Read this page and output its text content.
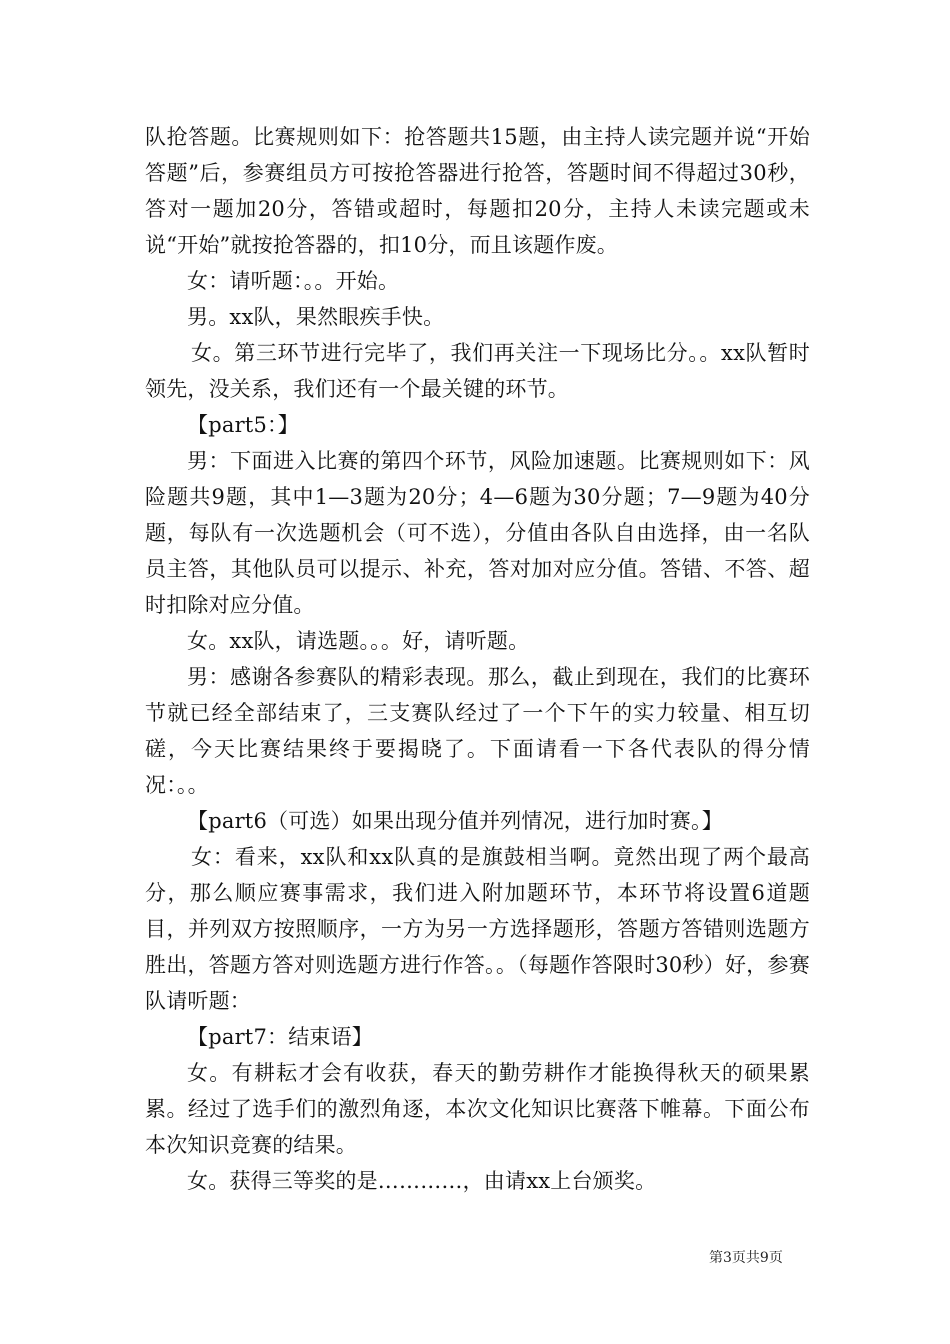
队抢答题。比赛规则如下：抢答题共15题，由主持人读完题并说“开始答题”后，参赛组员方可按抢答器进行抢答，答题时间不得超过30秒，答对一题加20分，答错或超时，每题扣20分，主持人未读完题或未说“开始”就按抢答器的，扣10分，而且该题作废。

女：请听题：。。开始。

男。xx队，果然眼疾手快。

女。第三环节进行完毕了，我们再关注一下现场比分。。xx队暂时领先，没关系，我们还有一个最关键的环节。

【part5：】

男：下面进入比赛的第四个环节，风险加速题。比赛规则如下：风险题共9题，其中1—3题为20分；4—6题为30分题；7—9题为40分题，每队有一次选题机会（可不选），分值由各队自由选择，由一名队员主答，其他队员可以提示、补充，答对加对应分值。答错、不答、超时扣除对应分值。

女。xx队，请选题。。。好，请听题。

男：感谢各参赛队的精彩表现。那么，截止到现在，我们的比赛环节就已经全部结束了，三支赛队经过了一个下午的实力较量、相互切磋，今天比赛结果终于要揭晓了。下面请看一下各代表队的得分情况：。。

【part6（可选）如果出现分值并列情况，进行加时赛。】

女：看来，xx队和xx队真的是旗鼓相当啊。竟然出现了两个最高分，那么顺应赛事需求，我们进入附加题环节，本环节将设置6道题目，并列双方按照顺序，一方为另一方选择题形，答题方答错则选题方胜出，答题方答对则选题方进行作答。。（每题作答限时30秒）好，参赛队请听题：

【part7：结束语】

女。有耕耘才会有收获，春天的勤劳耕作才能换得秋天的硕果累累。经过了选手们的激烈角逐，本次文化知识比赛落下帷幕。下面公布本次知识竞赛的结果。

女。获得三等奖的是…………，由请xx上台颁奖。

第3页共9页
